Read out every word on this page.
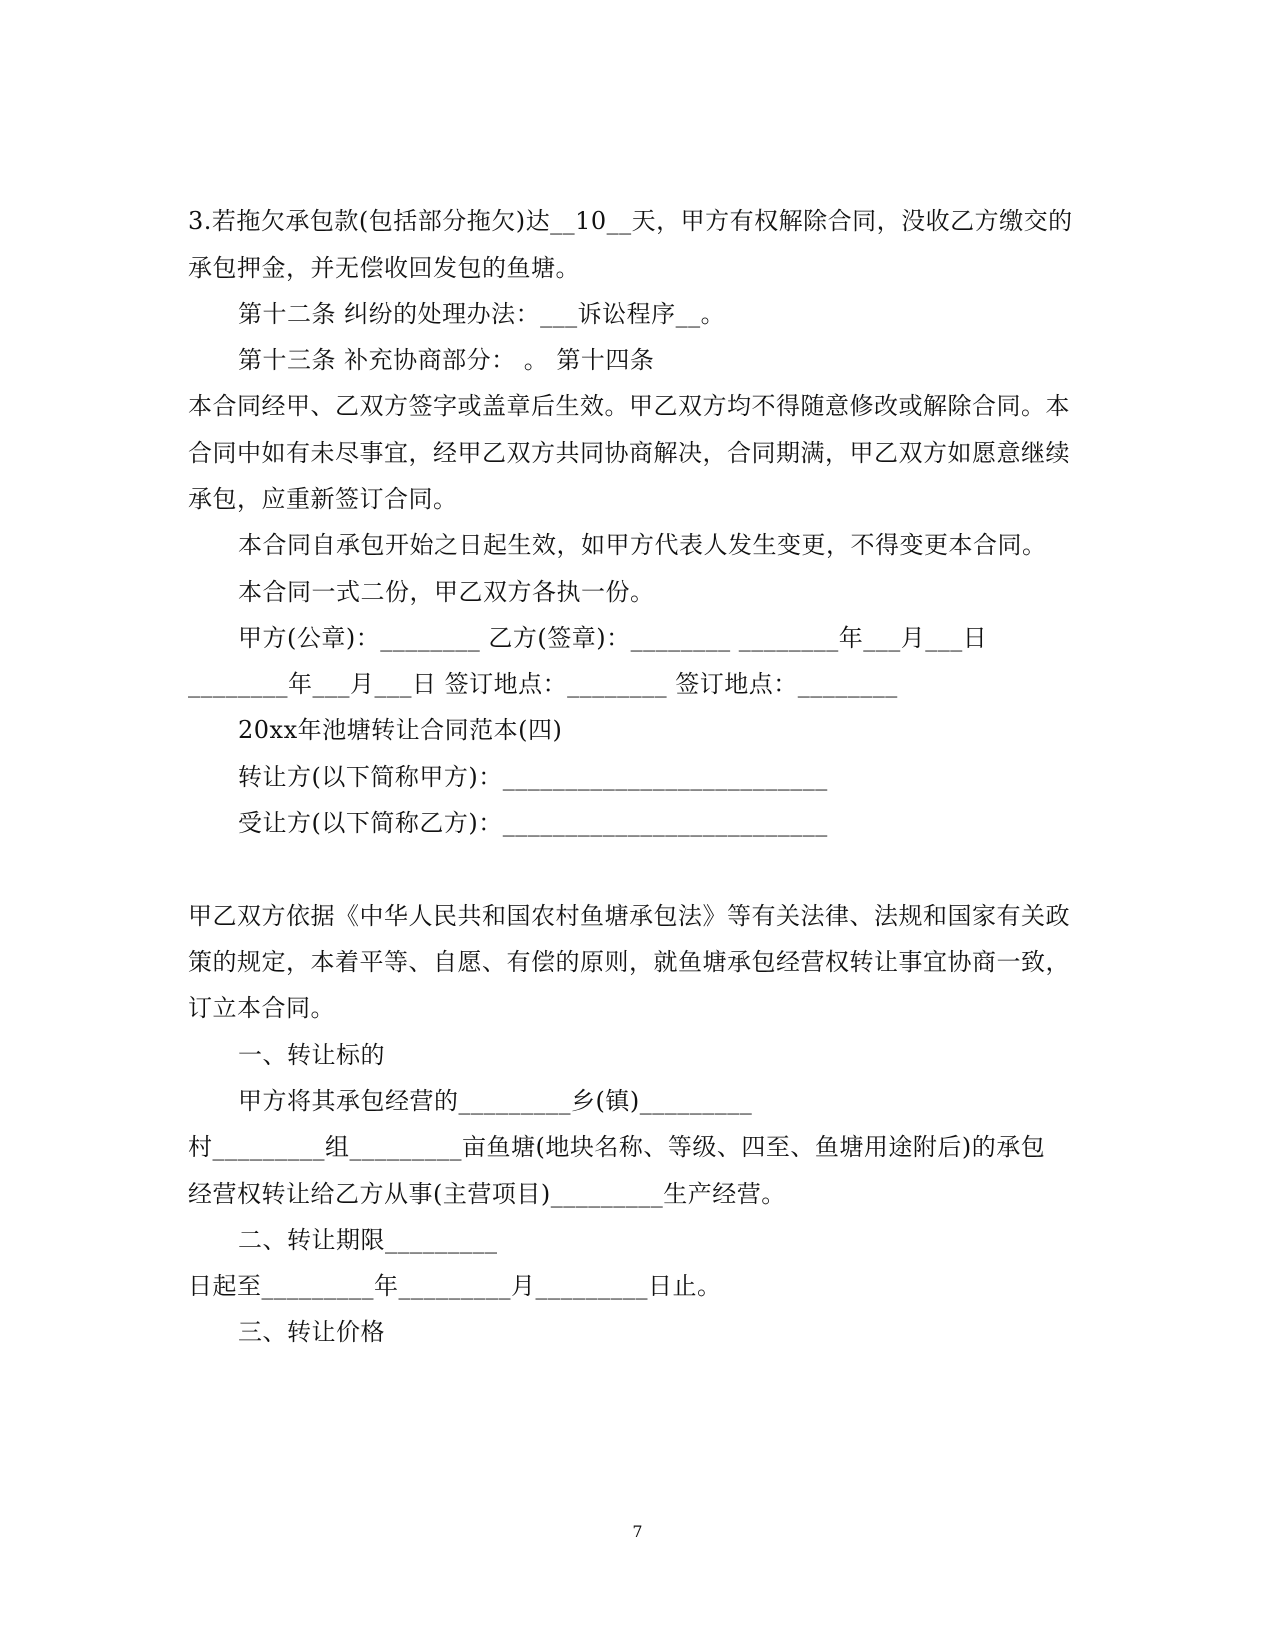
3.若拖欠承包款(包括部分拖欠)达__10__天，甲方有权解除合同，没收乙方缴交的
承包押金，并无偿收回发包的鱼塘。
第十二条 纠纷的处理办法：___诉讼程序__。
第十三条 补充协商部分： 。 第十四条
本合同经甲、乙双方签字或盖章后生效。甲乙双方均不得随意修改或解除合同。本
合同中如有未尽事宜，经甲乙双方共同协商解决，合同期满，甲乙双方如愿意继续
承包，应重新签订合同。
本合同自承包开始之日起生效，如甲方代表人发生变更，不得变更本合同。
本合同一式二份，甲乙双方各执一份。
甲方(公章)：________ 乙方(签章)：________ ________年___月___日
________年___月___日 签订地点：________ 签订地点：________
20xx年池塘转让合同范本(四)
转让方(以下简称甲方)：__________________________
受让方(以下简称乙方)：__________________________
甲乙双方依据《中华人民共和国农村鱼塘承包法》等有关法律、法规和国家有关政
策的规定，本着平等、自愿、有偿的原则，就鱼塘承包经营权转让事宜协商一致，
订立本合同。
一、转让标的
甲方将其承包经营的_________乡(镇)_________
村_________组_________亩鱼塘(地块名称、等级、四至、鱼塘用途附后)的承包
经营权转让给乙方从事(主营项目)_________生产经营。
二、转让期限_________
日起至_________年_________月_________日止。
三、转让价格
7
